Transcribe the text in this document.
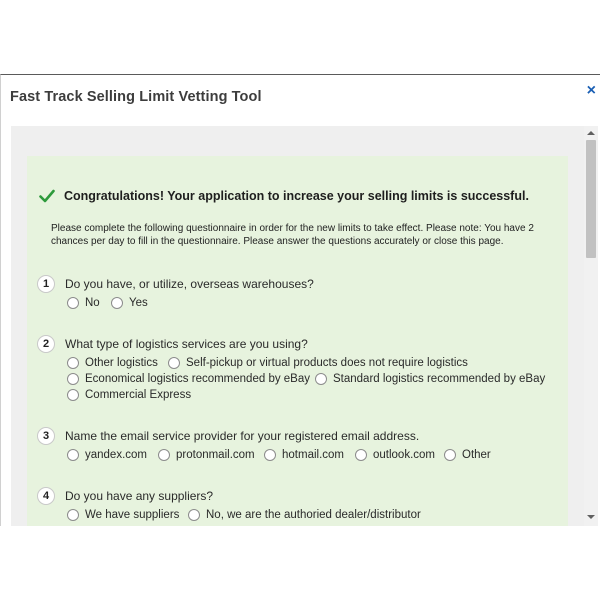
Fast Track Selling Limit Vetting Tool	×
Congratulations! Your application to increase your selling limits is successful.
Please complete the following questionnaire in order for the new limits to take effect. Please note: You have 2 chances per day to fill in the questionnaire. Please answer the questions accurately or close this page.
1	Do you have, or utilize, overseas warehouses?
No	Yes
2	What type of logistics services are you using?
Other logistics Self-pickup or virtual products does not require logistics
Economical logistics recommended by eBay Standard logistics recommended by eBay
Commercial Express
3	Name the email service provider for your registered email address.
yandex.com	protonmail.com hotmail.com	outlook.com Other
4	Do you have any suppliers?
We have suppliers No, we are the authoried dealer/distributor
